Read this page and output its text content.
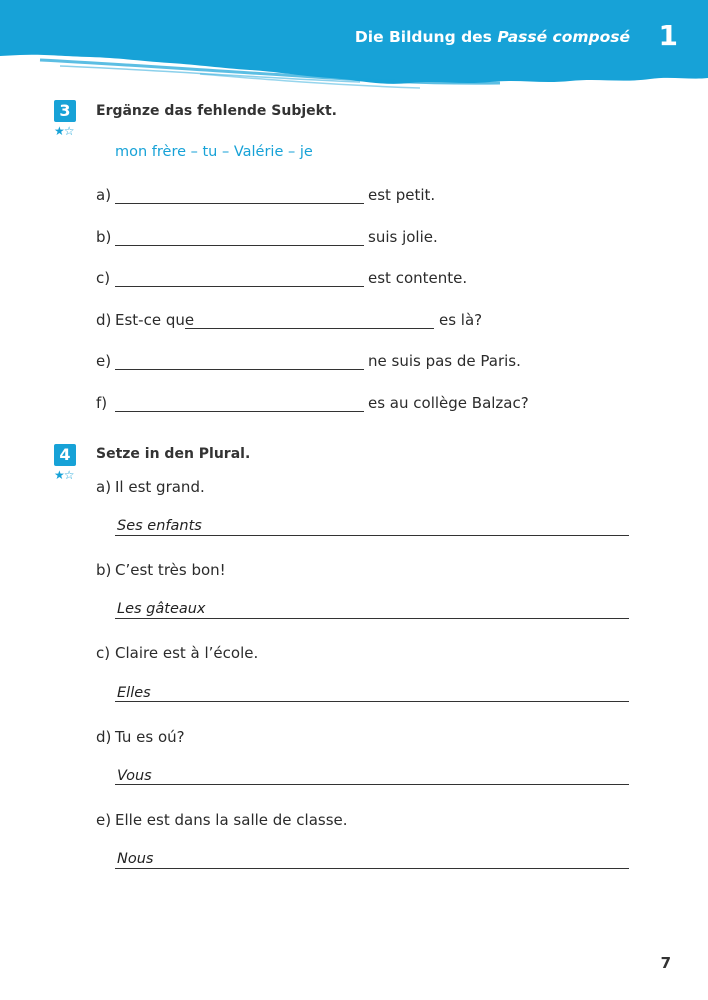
Die Bildung des Passé composé 1
3
★☆
Ergänze das fehlende Subjekt.
mon frère – tu – Valérie – je
a)	est petit.
b)	suis jolie.
c)	est contente.
d) Est-ce que	es là?
e)	ne suis pas de Paris.
f)	es au collège Balzac?
4
★☆
Setze in den Plural.
a) Il est grand.
Ses enfants
b) C’est très bon!
Les gâteaux
c) Claire est à l’école.
Elles
d) Tu es oú?
Vous
e) Elle est dans la salle de classe.
Nous
7
